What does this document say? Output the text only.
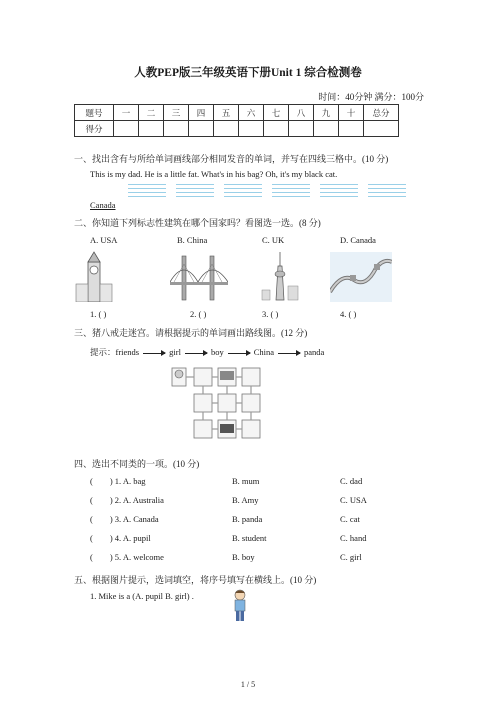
人教PEP版三年级英语下册Unit 1 综合检测卷
时间：40分钟 满分：100分
题号	一	二	三	四	五	六	七	八	九	十	总分
得分											
一、找出含有与所给单词画线部分相同发音的单词，并写在四线三格中。(10 分)
This is my dad. He is a little fat. What's in his bag? Oh, it's my black cat.
Canada
二、你知道下列标志性建筑在哪个国家吗？看图选一选。(8 分)
A. USA	B. China	C. UK	D. Canada
1. ( )	2. ( )	3. ( )	4. ( )
三、猪八戒走迷宫。请根据提示的单词画出路线图。(12 分)
提示：friends	girl	boy	China	panda
四、选出不同类的一项。(10 分)
(        ) 1. A. bag	B. mum	C. dad
(        ) 2. A. Australia	B. Amy	C. USA
(        ) 3. A. Canada	B. panda	C. cat
(        ) 4. A. pupil	B. student	C. hand
(        ) 5. A. welcome	B. boy	C. girl
五、根据图片提示，选词填空，将序号填写在横线上。(10 分)
1. Mike is a (A. pupil B. girl) .
1 / 5
